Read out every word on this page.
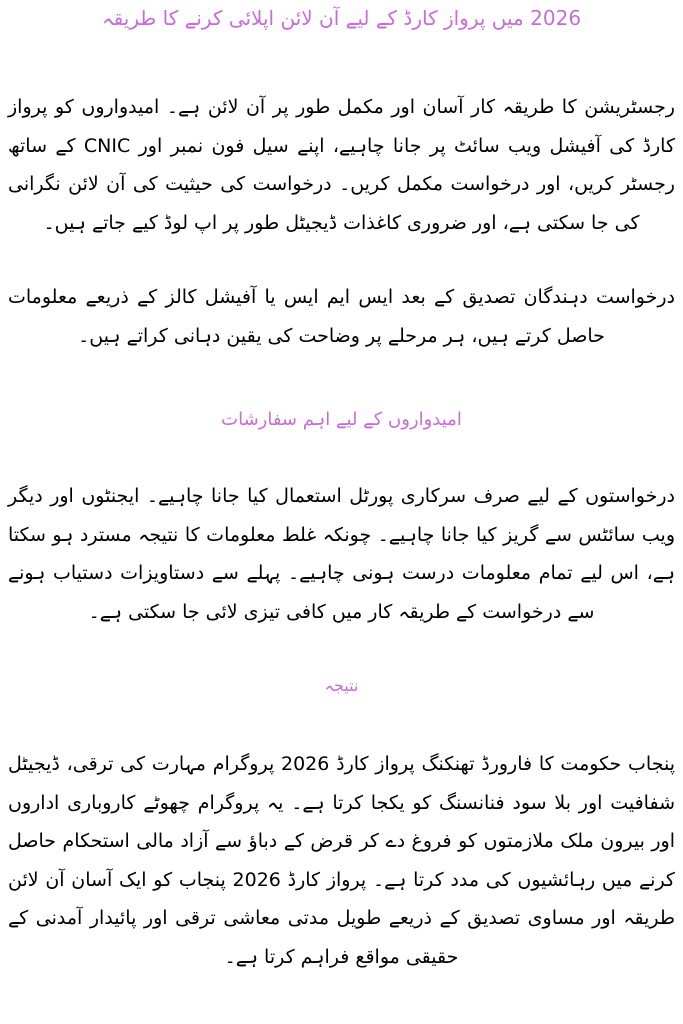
2026 میں پرواز کارڈ کے لیے آن لائن اپلائی کرنے کا طریقہ

رجسٹریشن کا طریقہ کار آسان اور مکمل طور پر آن لائن ہے۔ امیدواروں کو پرواز کارڈ کی آفیشل ویب سائٹ پر جانا چاہیے، اپنے سیل فون نمبر اور CNIC کے ساتھ رجسٹر کریں، اور درخواست مکمل کریں۔ درخواست کی حیثیت کی آن لائن نگرانی کی جا سکتی ہے، اور ضروری کاغذات ڈیجیٹل طور پر اپ لوڈ کیے جاتے ہیں۔

درخواست دہندگان تصدیق کے بعد ایس ایم ایس یا آفیشل کالز کے ذریعے معلومات حاصل کرتے ہیں، ہر مرحلے پر وضاحت کی یقین دہانی کراتے ہیں۔

امیدواروں کے لیے اہم سفارشات

درخواستوں کے لیے صرف سرکاری پورٹل استعمال کیا جانا چاہیے۔ ایجنٹوں اور دیگر ویب سائٹس سے گریز کیا جانا چاہیے۔ چونکہ غلط معلومات کا نتیجہ مسترد ہو سکتا ہے، اس لیے تمام معلومات درست ہونی چاہیے۔ پہلے سے دستاویزات دستیاب ہونے سے درخواست کے طریقہ کار میں کافی تیزی لائی جا سکتی ہے۔

نتیجہ

پنجاب حکومت کا فارورڈ تھنکنگ پرواز کارڈ 2026 پروگرام مہارت کی ترقی، ڈیجیٹل شفافیت اور بلا سود فنانسنگ کو یکجا کرتا ہے۔ یہ پروگرام چھوٹے کاروباری اداروں اور بیرون ملک ملازمتوں کو فروغ دے کر قرض کے دباؤ سے آزاد مالی استحکام حاصل کرنے میں رہائشیوں کی مدد کرتا ہے۔ پرواز کارڈ 2026 پنجاب کو ایک آسان آن لائن طریقہ اور مساوی تصدیق کے ذریعے طویل مدتی معاشی ترقی اور پائیدار آمدنی کے حقیقی مواقع فراہم کرتا ہے۔
